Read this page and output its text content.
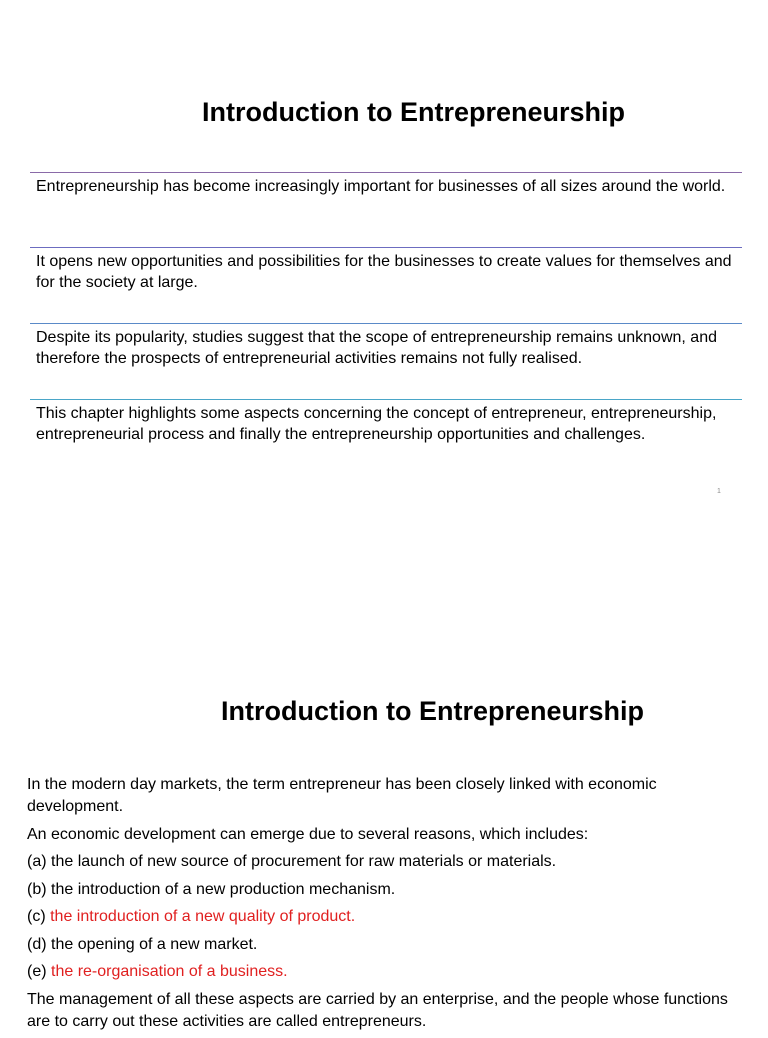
Introduction to Entrepreneurship
Entrepreneurship has become increasingly important for businesses of all sizes around the world.
It opens new opportunities and possibilities for the businesses to create values for themselves and for the society at large.
Despite its popularity, studies suggest that the scope of entrepreneurship remains unknown, and therefore the prospects of entrepreneurial activities remains not fully realised.
This chapter highlights some aspects concerning the concept of entrepreneur, entrepreneurship, entrepreneurial process and finally the entrepreneurship opportunities and challenges.
1
Introduction to Entrepreneurship
In the modern day markets, the term entrepreneur has been closely linked with economic development.
An economic development can emerge due to several reasons, which includes:
(a) the launch of new source of procurement for raw materials or materials.
(b) the introduction of a new production mechanism.
(c) the introduction of a new quality of product.
(d) the opening of a new market.
(e) the re-organisation of a business.
The management of all these aspects are carried by an enterprise, and the people whose functions are to carry out these activities are called entrepreneurs.
